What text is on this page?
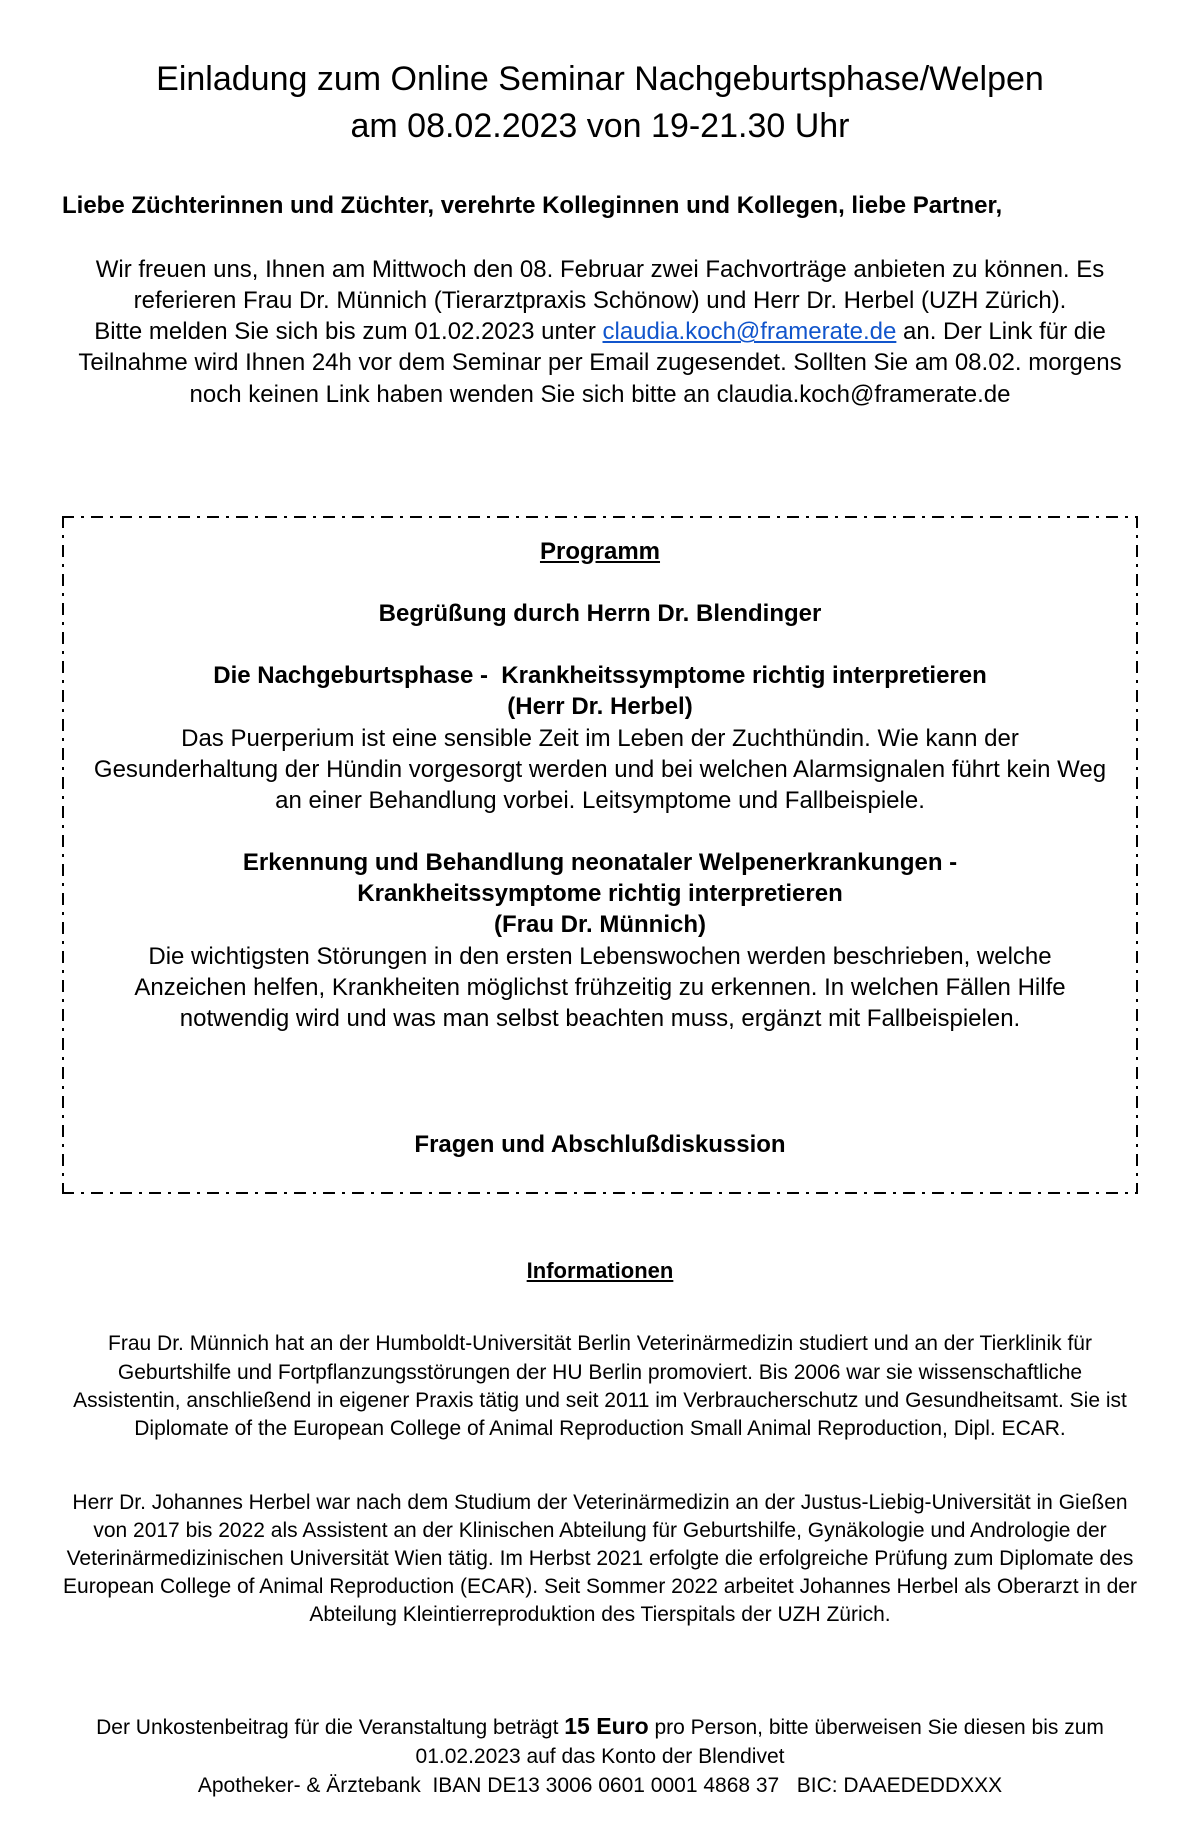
Einladung zum Online Seminar Nachgeburtsphase/Welpen
am 08.02.2023 von 19-21.30 Uhr
Liebe Züchterinnen und Züchter, verehrte Kolleginnen und Kollegen, liebe Partner,

Wir freuen uns, Ihnen am Mittwoch den 08. Februar zwei Fachvorträge anbieten zu können. Es referieren Frau Dr. Münnich (Tierarztpraxis Schönow) und Herr Dr. Herbel (UZH Zürich).

Bitte melden Sie sich bis zum 01.02.2023 unter claudia.koch@framerate.de an. Der Link für die Teilnahme wird Ihnen 24h vor dem Seminar per Email zugesendet. Sollten Sie am 08.02. morgens noch keinen Link haben wenden Sie sich bitte an claudia.koch@framerate.de

Programm
Begrüßung durch Herrn Dr. Blendinger
Die Nachgeburtsphase -  Krankheitssymptome richtig interpretieren
(Herr Dr. Herbel)

Das Puerperium ist eine sensible Zeit im Leben der Zuchthündin. Wie kann der Gesunderhaltung der Hündin vorgesorgt werden und bei welchen Alarmsignalen führt kein Weg an einer Behandlung vorbei. Leitsymptome und Fallbeispiele.

Erkennung und Behandlung neonataler Welpenerkrankungen - Krankheitssymptome richtig interpretieren
(Frau Dr. Münnich)

Die wichtigsten Störungen in den ersten Lebenswochen werden beschrieben, welche Anzeichen helfen, Krankheiten möglichst frühzeitig zu erkennen. In welchen Fällen Hilfe notwendig wird und was man selbst beachten muss, ergänzt mit Fallbeispielen.

Fragen und Abschlußdiskussion
Informationen

Frau Dr. Münnich hat an der Humboldt-Universität Berlin Veterinärmedizin studiert und an der Tierklinik für Geburtshilfe und Fortpflanzungsstörungen der HU Berlin promoviert. Bis 2006 war sie wissenschaftliche Assistentin, anschließend in eigener Praxis tätig und seit 2011 im Verbraucherschutz und Gesundheitsamt. Sie ist Diplomate of the European College of Animal Reproduction Small Animal Reproduction, Dipl. ECAR.

Herr Dr. Johannes Herbel war nach dem Studium der Veterinärmedizin an der Justus-Liebig-Universität in Gießen von 2017 bis 2022 als Assistent an der Klinischen Abteilung für Geburtshilfe, Gynäkologie und Andrologie der Veterinärmedizinischen Universität Wien tätig. Im Herbst 2021 erfolgte die erfolgreiche Prüfung zum Diplomate des European College of Animal Reproduction (ECAR). Seit Sommer 2022 arbeitet Johannes Herbel als Oberarzt in der Abteilung Kleintierreproduktion des Tierspitals der UZH Zürich.

Der Unkostenbeitrag für die Veranstaltung beträgt 15 Euro pro Person, bitte überweisen Sie diesen bis zum 01.02.2023 auf das Konto der Blendivet
Apotheker- & Ärztebank  IBAN DE13 3006 0601 0001 4868 37   BIC: DAAEDEDDXXX
